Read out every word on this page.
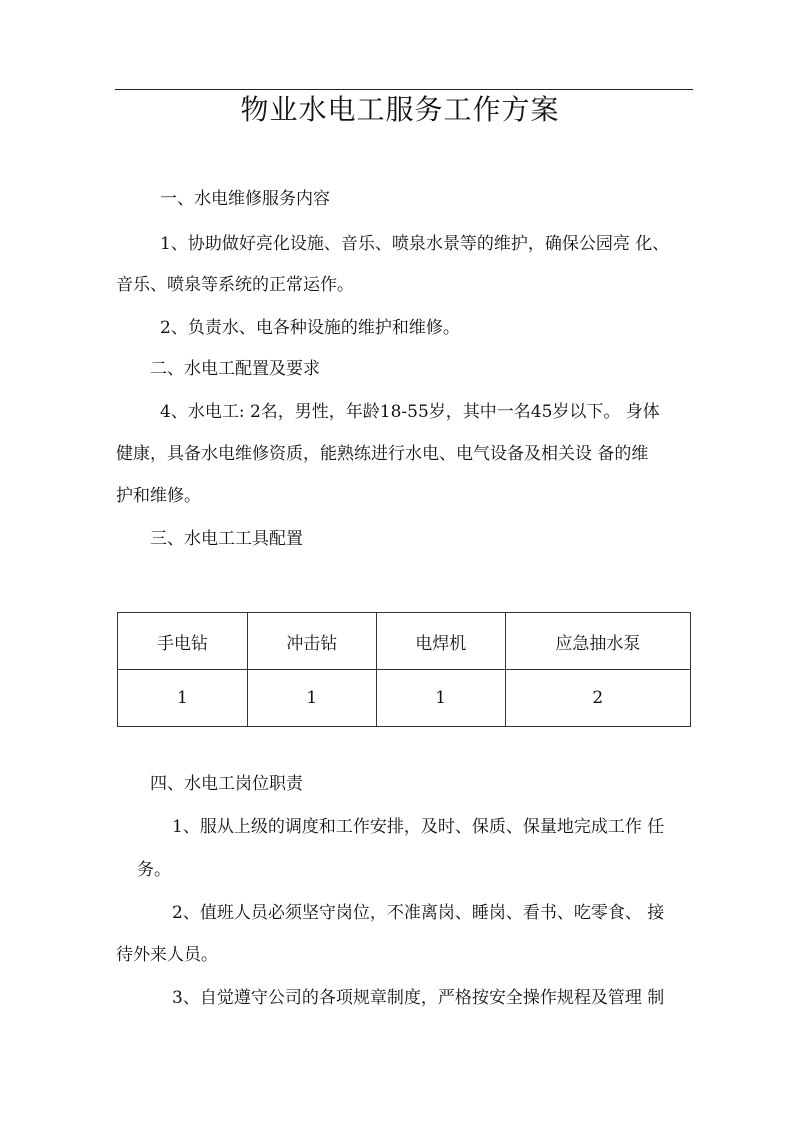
物业水电工服务工作方案
一、水电维修服务内容
1、协助做好亮化设施、音乐、喷泉水景等的维护，确保公园亮 化、
音乐、喷泉等系统的正常运作。
2、负责水、电各种设施的维护和维修。
二、水电工配置及要求
4、水电工: 2名，男性，年龄18-55岁，其中一名45岁以下。 身体
健康，具备水电维修资质，能熟练进行水电、电气设备及相关设 备的维
护和维修。
三、水电工工具配置
手电钻	冲击钻	电焊机	应急抽水泵
1	1	1	2
四、水电工岗位职责
1、服从上级的调度和工作安排，及时、保质、保量地完成工作 任
务。
2、值班人员必须坚守岗位，不准离岗、睡岗、看书、吃零食、 接
待外来人员。
3、自觉遵守公司的各项规章制度，严格按安全操作规程及管理 制
